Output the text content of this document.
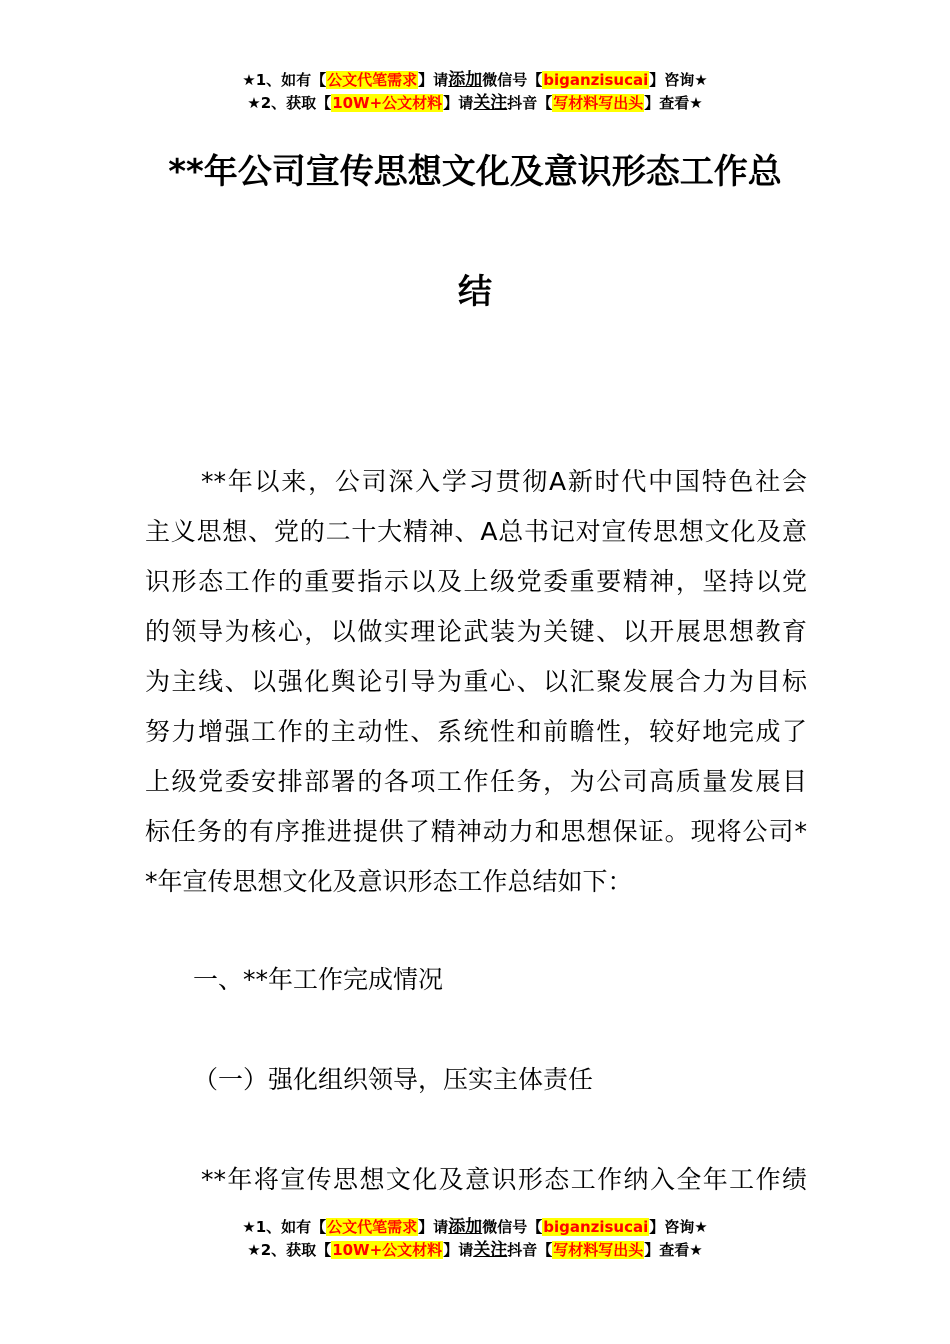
★1、如有【公文代笔需求】请添加微信号【biganzisucai】咨询★
★2、获取【10W+公文材料】请关注抖音【写材料写出头】查看★
**年公司宣传思想文化及意识形态工作总
结
**年以来，公司深入学习贯彻A新时代中国特色社会
主义思想、党的二十大精神、A总书记对宣传思想文化及意
识形态工作的重要指示以及上级党委重要精神，坚持以党
的领导为核心，以做实理论武装为关键、以开展思想教育
为主线、以强化舆论引导为重心、以汇聚发展合力为目标
努力增强工作的主动性、系统性和前瞻性，较好地完成了
上级党委安排部署的各项工作任务，为公司高质量发展目
标任务的有序推进提供了精神动力和思想保证。现将公司*
*年宣传思想文化及意识形态工作总结如下：
一、**年工作完成情况
（一）强化组织领导，压实主体责任
**年将宣传思想文化及意识形态工作纳入全年工作绩
★1、如有【公文代笔需求】请添加微信号【biganzisucai】咨询★
★2、获取【10W+公文材料】请关注抖音【写材料写出头】查看★
